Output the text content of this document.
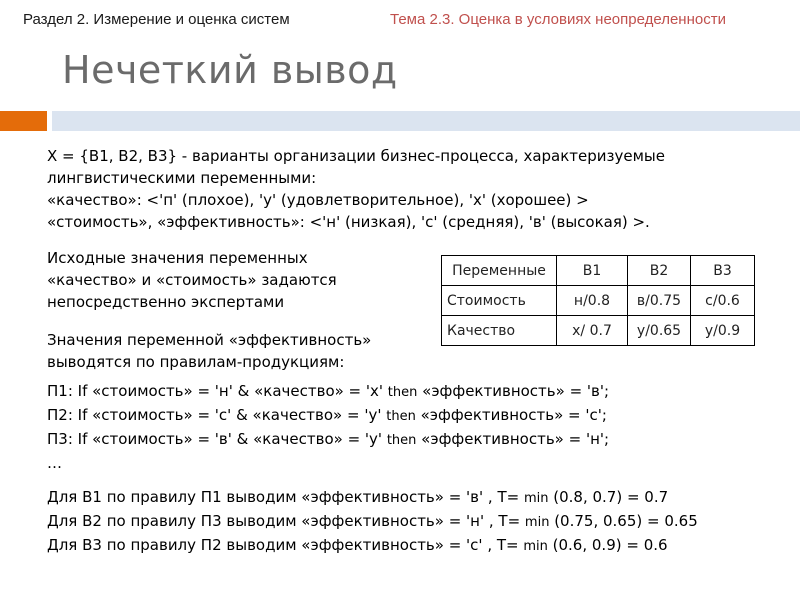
Раздел 2. Измерение и оценка систем	Тема 2.3. Оценка в условиях неопределенности
Нечеткий вывод
X = {B1, B2, B3} - варианты организации бизнес-процесса, характеризуемые
лингвистическими переменными:
«качество»: <'п' (плохое), 'у' (удовлетворительное), 'х' (хорошее) >
«стоимость», «эффективность»: <'н' (низкая), 'с' (средняя), 'в' (высокая) >.
Исходные значения переменных
«качество» и «стоимость» задаются
непосредственно экспертами
Значения переменной «эффективность»
выводятся по правилам-продукциям:
Переменные	B1	B2	B3
Стоимость	н/0.8	в/0.75	с/0.6
Качество	х/ 0.7	у/0.65	у/0.9
П1: If «стоимость» = 'н' & «качество» = 'х' then «эффективность» = 'в';
П2: If «стоимость» = 'с' & «качество» = 'у' then «эффективность» = 'с';
П3: If «стоимость» = 'в' & «качество» = 'у' then «эффективность» = 'н';
…
Для B1 по правилу П1 выводим «эффективность» = 'в' , T= min (0.8, 0.7) = 0.7
Для B2 по правилу П3 выводим «эффективность» = 'н' , T= min (0.75, 0.65) = 0.65
Для B3 по правилу П2 выводим «эффективность» = 'с' , T= min (0.6, 0.9) = 0.6
